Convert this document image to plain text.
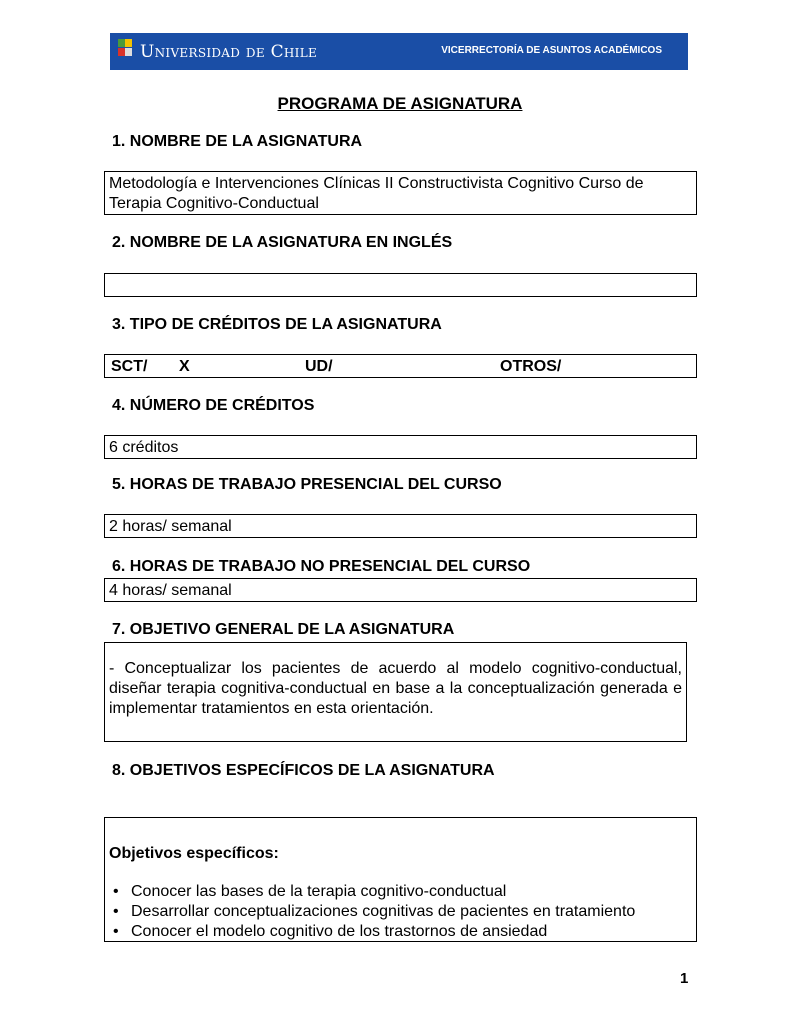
Universidad de Chile	VICERRECTORÍA DE ASUNTOS ACADÉMICOS
PROGRAMA DE ASIGNATURA
1. NOMBRE DE LA ASIGNATURA
Metodología e Intervenciones Clínicas II Constructivista Cognitivo Curso de Terapia Cognitivo-Conductual
2. NOMBRE DE LA ASIGNATURA EN INGLÉS
3. TIPO DE CRÉDITOS DE LA ASIGNATURA
SCT/ X	UD/	OTROS/
4. NÚMERO DE CRÉDITOS
6 créditos
5. HORAS DE TRABAJO PRESENCIAL DEL CURSO
2 horas/ semanal
6. HORAS DE TRABAJO NO PRESENCIAL DEL CURSO
4 horas/ semanal
7. OBJETIVO GENERAL DE LA ASIGNATURA
- Conceptualizar los pacientes de acuerdo al modelo cognitivo-conductual, diseñar terapia cognitiva-conductual en base a la conceptualización generada e implementar tratamientos en esta orientación.
8. OBJETIVOS ESPECÍFICOS DE LA ASIGNATURA
Objetivos específicos:
• Conocer las bases de la terapia cognitivo-conductual
• Desarrollar conceptualizaciones cognitivas de pacientes en tratamiento
• Conocer el modelo cognitivo de los trastornos de ansiedad
1
